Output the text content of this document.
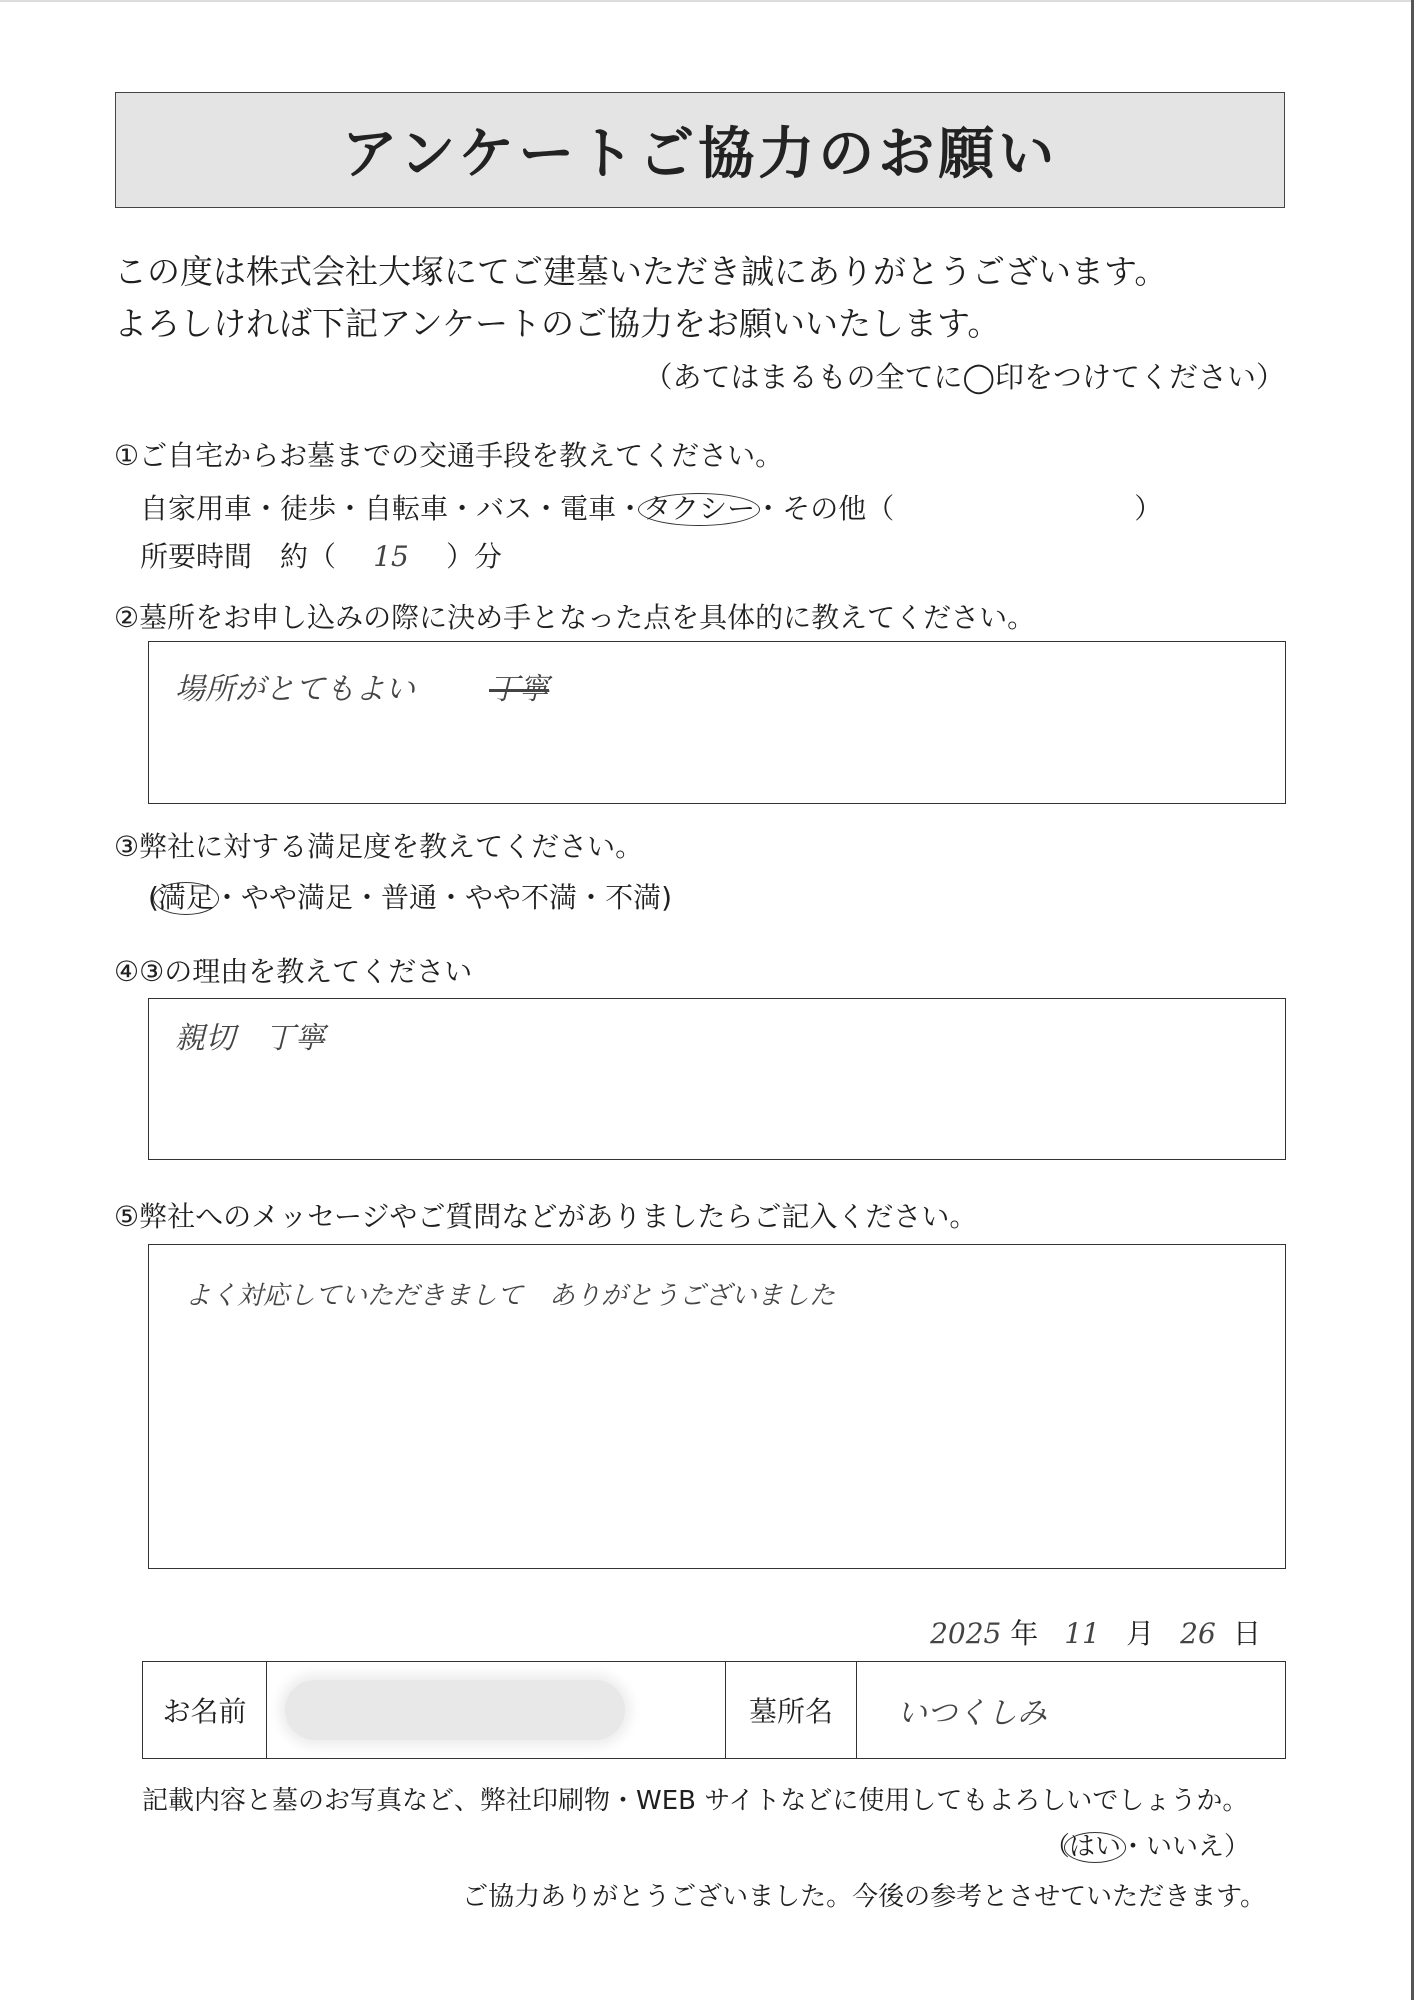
アンケートご協力のお願い
この度は株式会社大塚にてご建墓いただき誠にありがとうございます。
よろしければ下記アンケートのご協力をお願いいたします。
（あてはまるもの全てに◯印をつけてください）
①ご自宅からお墓までの交通手段を教えてください。
自家用車・徒歩・自転車・バス・電車・タクシー・その他（	）
所要時間　約（ 15 ）分
②墓所をお申し込みの際に決め手となった点を具体的に教えてください。
場所がとてもよい 丁寧
③弊社に対する満足度を教えてください。
(満足・やや満足・普通・やや不満・不満)
④③の理由を教えてください
親切　丁寧
⑤弊社へのメッセージやご質問などがありましたらご記入ください。
よく対応していただきまして　ありがとうございました
2025 年 11 月 26 日
お名前		墓所名	いつくしみ
記載内容と墓のお写真など、弊社印刷物・WEB サイトなどに使用してもよろしいでしょうか。
（はい・いいえ）
ご協力ありがとうございました。今後の参考とさせていただきます。
